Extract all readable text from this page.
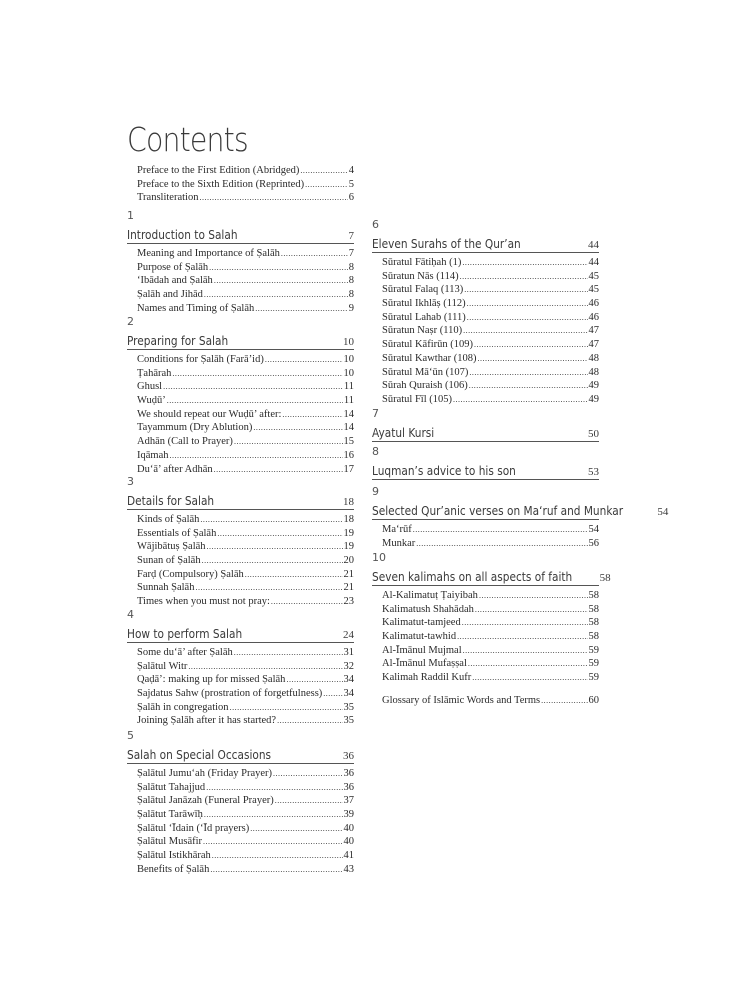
Contents
Preface to the First Edition (Abridged) .....	4
Preface to the Sixth Edition (Reprinted) .....	5
Transliteration .....	6
1
Introduction to Salah	7
Meaning and Importance of Ṣalāh .....	7
Purpose of Ṣalāh .....	8
‘Ibādah and Ṣalāh .....	8
Ṣalāh and Jihād .....	8
Names and Timing of Ṣalāh .....	9
2
Preparing for Salah	10
Conditions for Ṣalāh (Farā’id) .....	10
Ṭahārah .....	10
Ghusl .....	11
Wuḍū’ .....	11
We should repeat our Wuḍū’ after: .....	14
Tayammum (Dry Ablution) .....	14
Adhān (Call to Prayer) .....	15
Iqāmah .....	16
Du‘ā’ after Adhān .....	17
3
Details for Salah	18
Kinds of Ṣalāh .....	18
Essentials of Ṣalāh .....	19
Wājibātuṣ Ṣalāh .....	19
Sunan of Ṣalāh .....	20
Farḍ (Compulsory) Ṣalāh .....	21
Sunnah Ṣalāh .....	21
Times when you must not pray: .....	23
4
How to perform Salah	24
Some du‘ā’ after Ṣalāh .....	31
Ṣalātul Witr .....	32
Qaḍā’: making up for missed Ṣalāh .....	34
Sajdatus Sahw (prostration of forgetfulness) ..... 34
Ṣalāh in congregation .....	35
Joining Ṣalāh after it has started? .....	35
5
Salah on Special Occasions	36
Ṣalātul Jumu‘ah (Friday Prayer) .....	36
Ṣalātut Tahajjud .....	36
Ṣalātul Janāzah (Funeral Prayer) .....	37
Ṣalātut Tarāwīḥ .....	39
Ṣalātul ‘Īdain (‘Īd prayers) .....	40
Ṣalātul Musāfir .....	40
Ṣalātul Istikhārah .....	41
Benefits of Ṣalāh .....	43
6
Eleven Surahs of the Qur’an	44
Sūratul Fātiḥah (1) .....	44
Sūratun Nās (114) .....	45
Sūratul Falaq (113) .....	45
Sūratul Ikhlāṣ (112) .....	46
Sūratul Lahab (111) .....	46
Sūratun Naṣr (110) .....	47
Sūratul Kāfirūn (109) .....	47
Sūratul Kawthar (108) .....	48
Sūratul Mā‘ūn (107) .....	48
Sūrah Quraish (106) .....	49
Sūratul Fīl (105) .....	49
7
Ayatul Kursi	50
8
Luqman’s advice to his son	53
9
Selected Qur’anic verses on Ma‘ruf and Munkar	54
Ma‘rūf .....	54
Munkar .....	56
10
Seven kalimahs on all aspects of faith 58
Al-Kalimatuṭ Ṭaiyibah .....	58
Kalimatush Shahādah .....	58
Kalimatut-tamjeed .....	58
Kalimatut-tawhid .....	58
Al-Īmānul Mujmal .....	59
Al-Īmānul Mufaṣṣal .....	59
Kalimah Raddil Kufr .....	59
Glossary of Islāmic Words and Terms .....	60
